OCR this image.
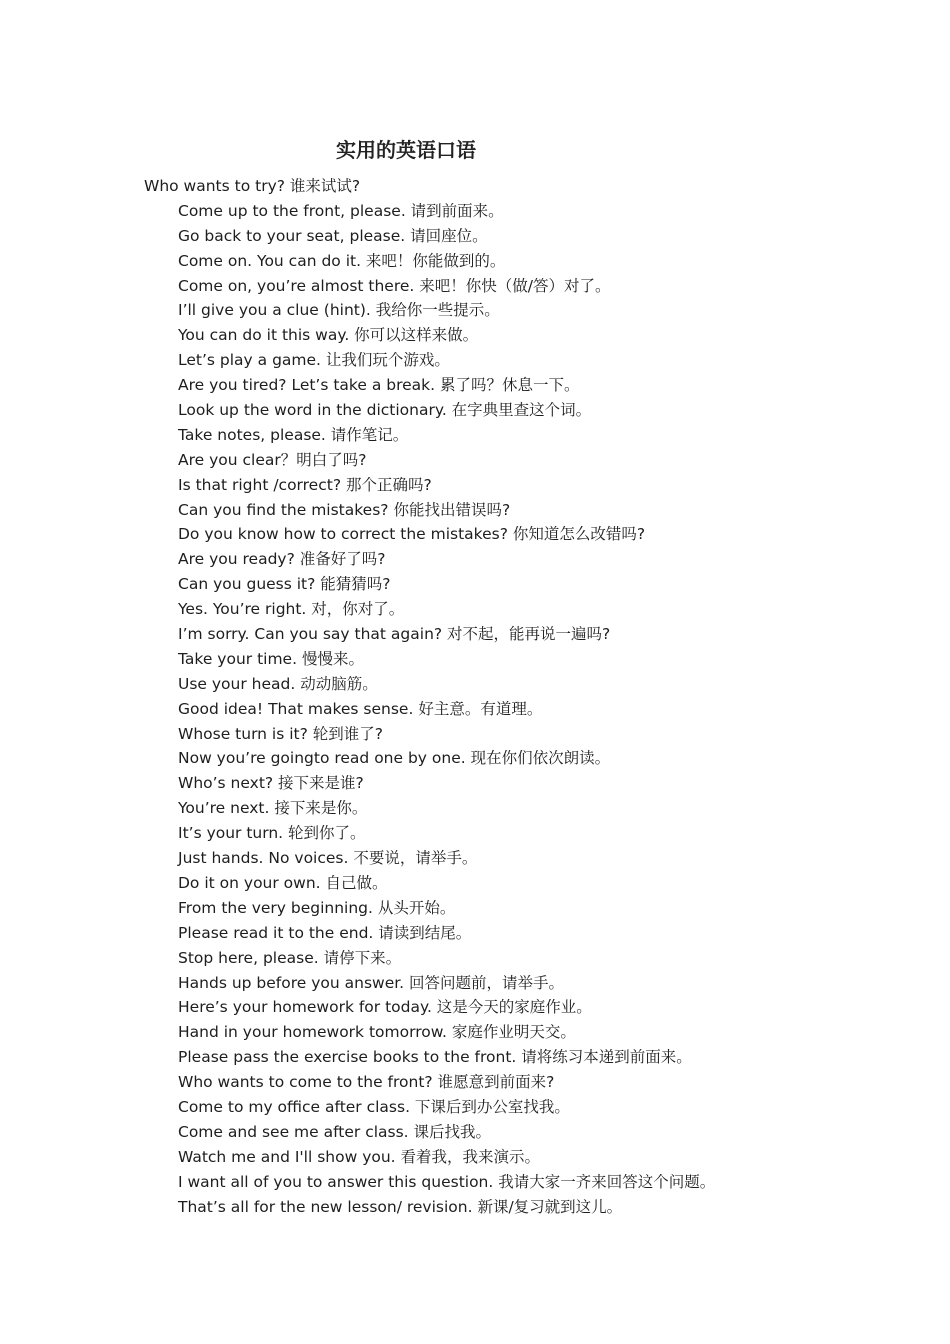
实用的英语口语
Who wants to try? 谁来试试?
Come up to the front, please. 请到前面来。
Go back to your seat, please. 请回座位。
Come on. You can do it. 来吧！你能做到的。
Come on, you’re almost there. 来吧！你快（做/答）对了。
I’ll give you a clue (hint). 我给你一些提示。
You can do it this way. 你可以这样来做。
Let’s play a game. 让我们玩个游戏。
Are you tired? Let’s take a break. 累了吗？休息一下。
Look up the word in the dictionary. 在字典里查这个词。
Take notes, please. 请作笔记。
Are you clear？明白了吗?
Is that right /correct? 那个正确吗?
Can you find the mistakes? 你能找出错误吗?
Do you know how to correct the mistakes? 你知道怎么改错吗?
Are you ready? 准备好了吗?
Can you guess it? 能猜猜吗?
Yes. You’re right. 对，你对了。
I’m sorry. Can you say that again? 对不起，能再说一遍吗?
Take your time. 慢慢来。
Use your head. 动动脑筋。
Good idea! That makes sense. 好主意。有道理。
Whose turn is it? 轮到谁了?
Now you’re goingto read one by one. 现在你们依次朗读。
Who’s next? 接下来是谁?
You’re next. 接下来是你。
It’s your turn. 轮到你了。
Just hands. No voices. 不要说，请举手。
Do it on your own. 自己做。
From the very beginning. 从头开始。
Please read it to the end. 请读到结尾。
Stop here, please. 请停下来。
Hands up before you answer. 回答问题前，请举手。
Here’s your homework for today. 这是今天的家庭作业。
Hand in your homework tomorrow. 家庭作业明天交。
Please pass the exercise books to the front. 请将练习本递到前面来。
Who wants to come to the front? 谁愿意到前面来?
Come to my office after class. 下课后到办公室找我。
Come and see me after class. 课后找我。
Watch me and I'll show you. 看着我，我来演示。
I want all of you to answer this question. 我请大家一齐来回答这个问题。
That’s all for the new lesson/ revision. 新课/复习就到这儿。
